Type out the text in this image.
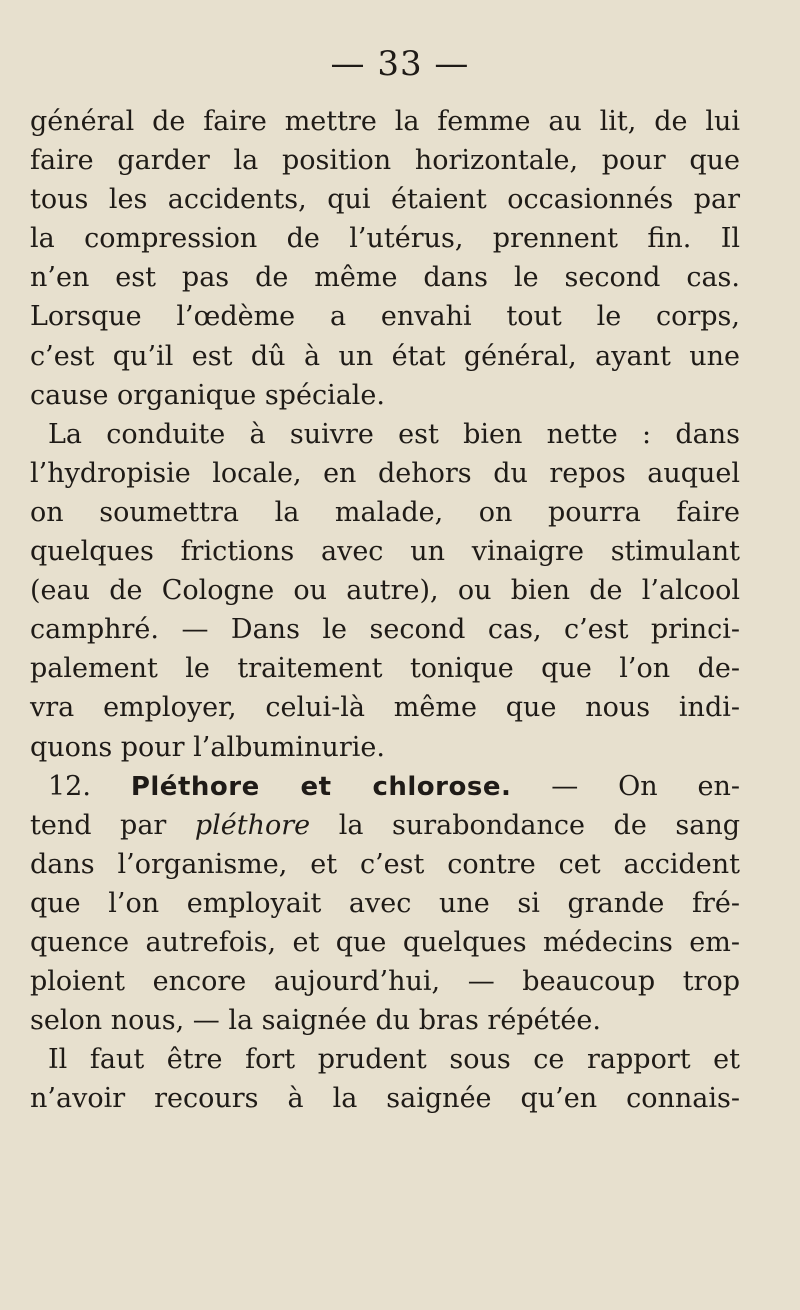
— 33 —
général de faire mettre la femme au lit, de lui
faire garder la position horizontale, pour que
tous les accidents, qui étaient occasionnés par
la compression de l’utérus, prennent fin. Il
n’en est pas de même dans le second cas.
Lorsque l’œdème a envahi tout le corps,
c’est qu’il est dû à un état général, ayant une
cause organique spéciale.
La conduite à suivre est bien nette : dans
l’hydropisie locale, en dehors du repos auquel
on soumettra la malade, on pourra faire
quelques frictions avec un vinaigre stimulant
(eau de Cologne ou autre), ou bien de l’alcool
camphré. — Dans le second cas, c’est princi-
palement le traitement tonique que l’on de-
vra employer, celui-là même que nous indi-
quons pour l’albuminurie.
12. Pléthore et chlorose. — On en-
tend par pléthore la surabondance de sang
dans l’organisme, et c’est contre cet accident
que l’on employait avec une si grande fré-
quence autrefois, et que quelques médecins em-
ploient encore aujourd’hui, — beaucoup trop
selon nous, — la saignée du bras répétée.
Il faut être fort prudent sous ce rapport et
n’avoir recours à la saignée qu’en connais-
